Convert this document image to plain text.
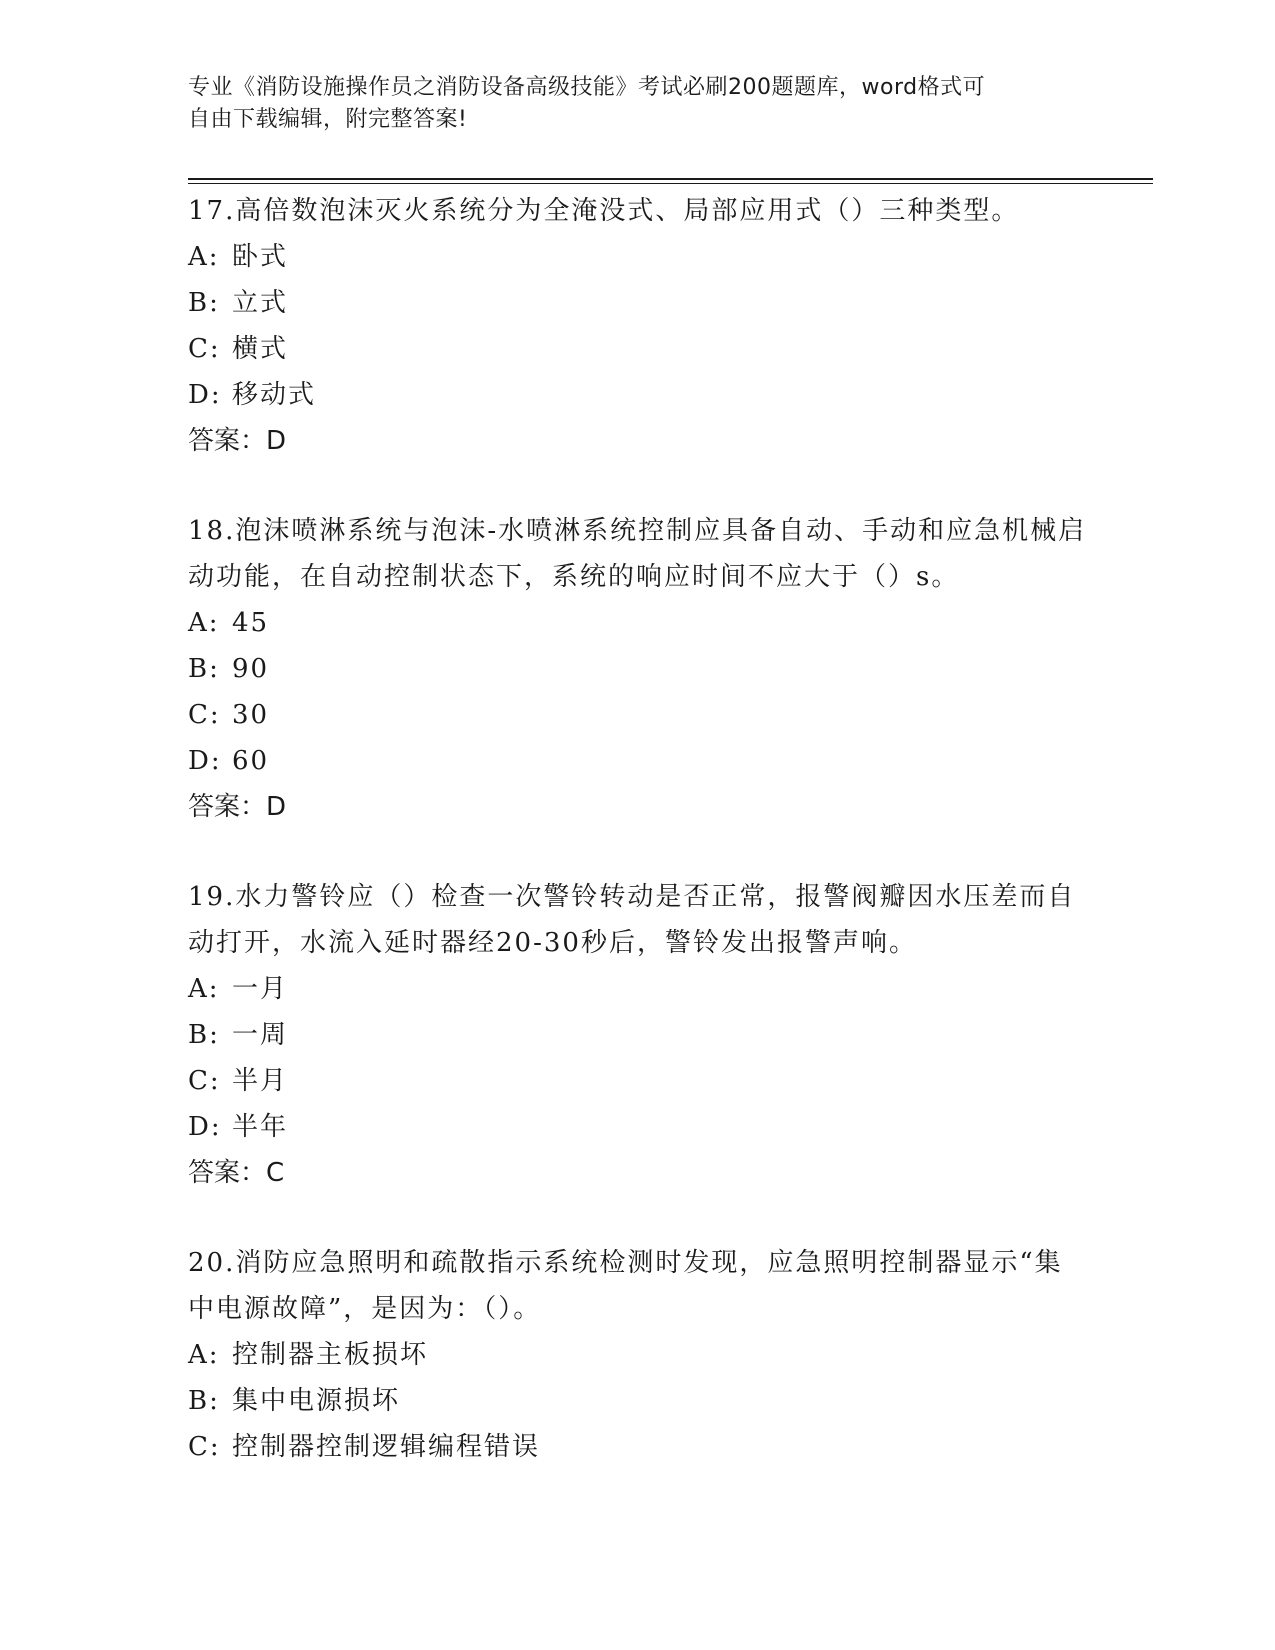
专业《消防设施操作员之消防设备高级技能》考试必刷200题题库，word格式可
自由下载编辑，附完整答案!

17.高倍数泡沫灭火系统分为全淹没式、局部应用式（）三种类型。

A: 卧式

B: 立式

C: 横式

D: 移动式

答案：D

18.泡沫喷淋系统与泡沫-水喷淋系统控制应具备自动、手动和应急机械启动功能，在自动控制状态下，系统的响应时间不应大于（）s。

A: 45

B: 90

C: 30

D: 60

答案：D

19.水力警铃应（）检查一次警铃转动是否正常，报警阀瓣因水压差而自动打开，水流入延时器经20-30秒后，警铃发出报警声响。

A: 一月

B: 一周

C: 半月

D: 半年

答案：C

20.消防应急照明和疏散指示系统检测时发现，应急照明控制器显示“集中电源故障”，是因为：（）。

A: 控制器主板损坏

B: 集中电源损坏

C: 控制器控制逻辑编程错误
